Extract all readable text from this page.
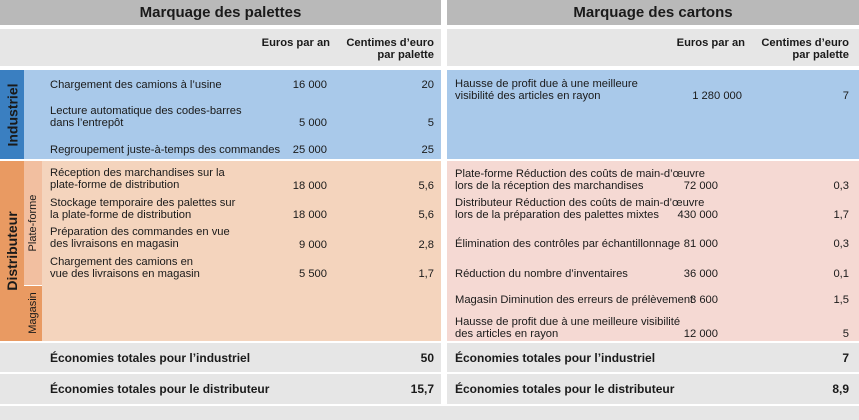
Marquage des palettes
Euros par an	Centimes d’euro
par palette
Industriel	Chargement des camions à l’usine	16 000	20
Lecture automatique des codes-barres
dans l’entrepôt	5 000	5
Regroupement juste-à-temps des commandes	25 000	25
Distributeur Plate-forme
Magasin
Réception des marchandises sur la
plate-forme de distribution	18 000	5,6
Stockage temporaire des palettes sur
la plate-forme de distribution	18 000	5,6
Préparation des commandes en vue
des livraisons en magasin	9 000	2,8
Chargement des camions en
vue des livraisons en magasin	5 500	1,7
Économies totales pour l’industriel	50
Économies totales pour le distributeur	15,7
Marquage des cartons
Euros par an	Centimes d’euro
par palette
Hausse de profit due à une meilleure
visibilité des articles en rayon	1 280 000	7
Plate-forme Réduction des coûts de main-d’œuvre
lors de la réception des marchandises	72 000	0,3
Distributeur Réduction des coûts de main-d’œuvre
lors de la préparation des palettes mixtes	430 000	1,7
Élimination des contrôles par échantillonnage 81 000	0,3
Réduction du nombre d’inventaires	36 000	0,1
Magasin Diminution des erreurs de prélèvement
3 600	1,5
Hausse de profit due à une meilleure visibilité
des articles en rayon	12 000	5
Économies totales pour l’industriel	7
Économies totales pour le distributeur	8,9
